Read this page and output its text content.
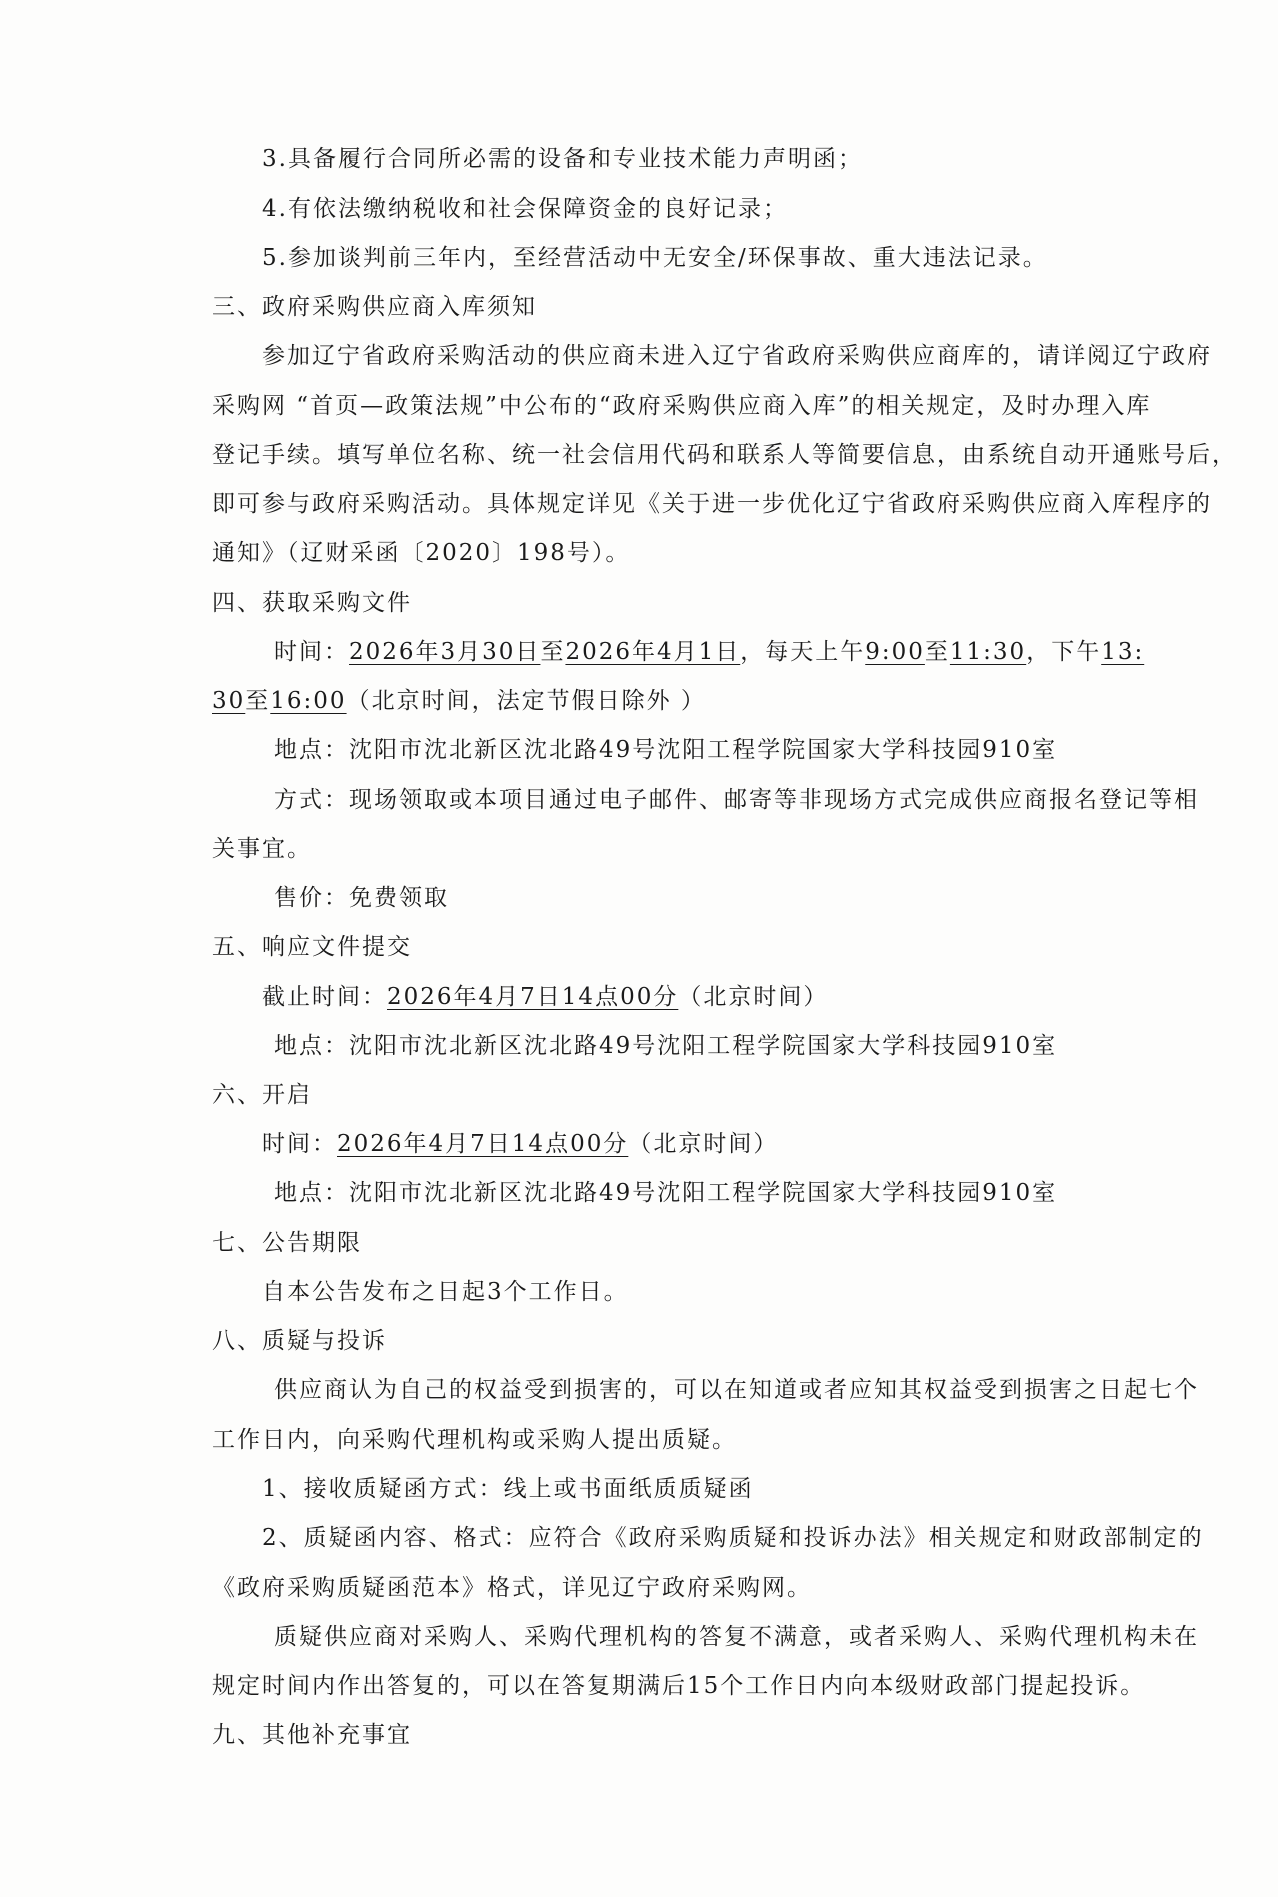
3.具备履行合同所必需的设备和专业技术能力声明函；
4.有依法缴纳税收和社会保障资金的良好记录；
5.参加谈判前三年内，至经营活动中无安全/环保事故、重大违法记录。
三、政府采购供应商入库须知
参加辽宁省政府采购活动的供应商未进入辽宁省政府采购供应商库的，请详阅辽宁政府
采购网 “首页—政策法规”中公布的“政府采购供应商入库”的相关规定，及时办理入库
登记手续。填写单位名称、统一社会信用代码和联系人等简要信息，由系统自动开通账号后，
即可参与政府采购活动。具体规定详见《关于进一步优化辽宁省政府采购供应商入库程序的
通知》（辽财采函〔2020〕198号）。
四、获取采购文件
时间：2026年3月30日至2026年4月1日，每天上午9:00至11:30，下午13:
30至16:00（北京时间，法定节假日除外 ）
地点：沈阳市沈北新区沈北路49号沈阳工程学院国家大学科技园910室
方式：现场领取或本项目通过电子邮件、邮寄等非现场方式完成供应商报名登记等相
关事宜。
售价：免费领取
五、响应文件提交
截止时间：2026年4月7日14点00分（北京时间）
地点：沈阳市沈北新区沈北路49号沈阳工程学院国家大学科技园910室
六、开启
时间：2026年4月7日14点00分（北京时间）
地点：沈阳市沈北新区沈北路49号沈阳工程学院国家大学科技园910室
七、公告期限
自本公告发布之日起3个工作日。
八、质疑与投诉
供应商认为自己的权益受到损害的，可以在知道或者应知其权益受到损害之日起七个
工作日内，向采购代理机构或采购人提出质疑。
1、接收质疑函方式：线上或书面纸质质疑函
2、质疑函内容、格式：应符合《政府采购质疑和投诉办法》相关规定和财政部制定的
《政府采购质疑函范本》格式，详见辽宁政府采购网。
质疑供应商对采购人、采购代理机构的答复不满意，或者采购人、采购代理机构未在
规定时间内作出答复的，可以在答复期满后15个工作日内向本级财政部门提起投诉。
九、其他补充事宜
